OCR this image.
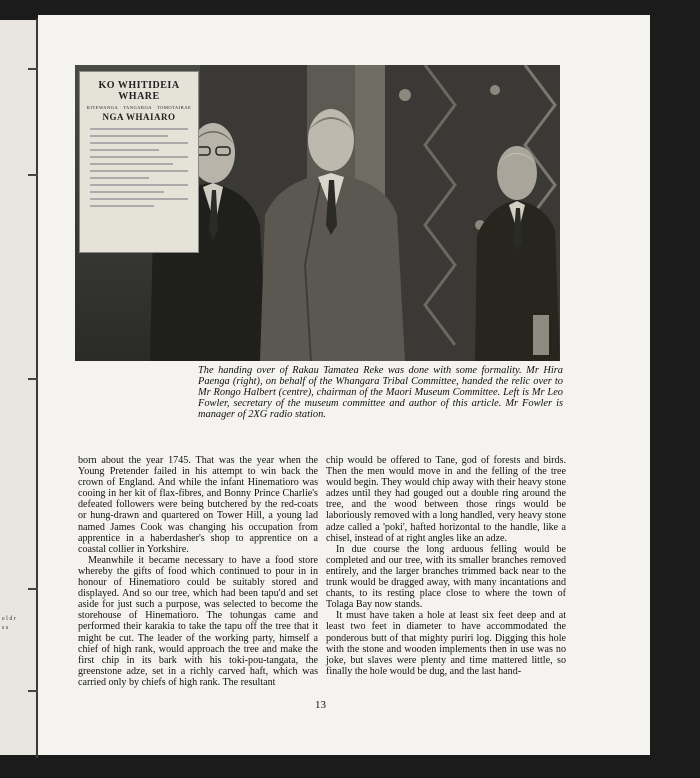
e l d r s s
KO WHITIDEIA WHARE
KITEWANGA · TANGAROA · TOMOTAIRAE
NGA WHAIARO
The handing over of Rakau Tamatea Reke was done with some formality. Mr Hira Paenga (right), on behalf of the Whangara Tribal Committee, handed the relic over to Mr Rongo Halbert (centre), chairman of the Maori Museum Committee. Left is Mr Leo Fowler, secretary of the museum committee and author of this article. Mr Fowler is manager of 2XG radio station.

born about the year 1745. That was the year when the Young Pretender failed in his attempt to win back the crown of England. And while the infant Hinematioro was cooing in her kit of flax-fibres, and Bonny Prince Charlie's defeated followers were being butchered by the red-coats or hung-drawn and quartered on Tower Hill, a young lad named James Cook was changing his occupation from apprentice in a haberdasher's shop to apprentice on a coastal collier in Yorkshire.

Meanwhile it became necessary to have a food store whereby the gifts of food which continued to pour in in honour of Hinematioro could be suitably stored and displayed. And so our tree, which had been tapu'd and set aside for just such a purpose, was selected to become the storehouse of Hinematioro. The tohungas came and performed their karakia to take the tapu off the tree that it might be cut. The leader of the working party, himself a chief of high rank, would approach the tree and make the first chip in its bark with his toki-pou-tangata, the greenstone adze, set in a richly carved haft, which was carried only by chiefs of high rank. The resultant

chip would be offered to Tane, god of forests and birds. Then the men would move in and the felling of the tree would begin. They would chip away with their heavy stone adzes until they had gouged out a double ring around the tree, and the wood between those rings would be laboriously removed with a long handled, very heavy stone adze called a 'poki', hafted horizontal to the handle, like a chisel, instead of at right angles like an adze.

In due course the long arduous felling would be completed and our tree, with its smaller branches removed entirely, and the larger branches trimmed back near to the trunk would be dragged away, with many incantations and chants, to its resting place close to where the town of Tolaga Bay now stands.

It must have taken a hole at least six feet deep and at least two feet in diameter to have accommodated the ponderous butt of that mighty puriri log. Digging this hole with the stone and wooden implements then in use was no joke, but slaves were plenty and time mattered little, so finally the hole would be dug, and the last hand-

13
